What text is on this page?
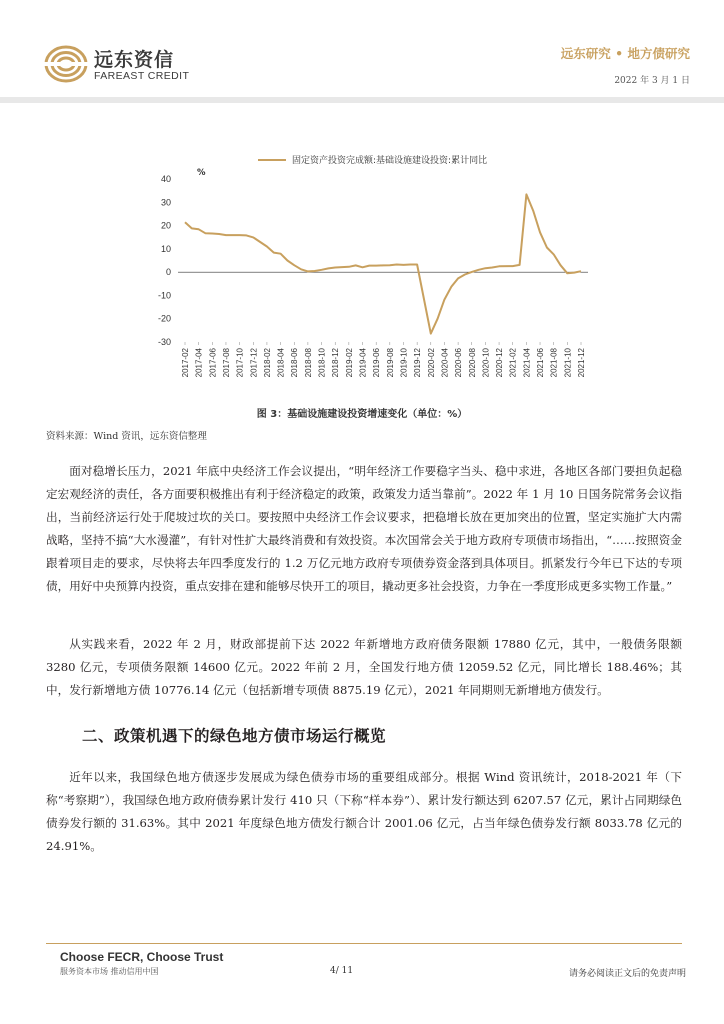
远东资信
FAREAST CREDIT
远东研究 • 地方债研究
2022 年 3 月 1 日
固定资产投资完成额:基础设施建设投资:累计同比
%
40
30
20
10
0
-10
-20
-30
2017-02 2017-04 2017-06 2017-08 2017-10 2017-12 2018-02 2018-04 2018-06 2018-08 2018-10 2018-12 2019-02 2019-04 2019-06 2019-08 2019-10 2019-12 2020-02 2020-04 2020-06 2020-08 2020-10 2020-12 2021-02 2021-04 2021-06 2021-08 2021-10 2021-12
图 3：基础设施建设投资增速变化（单位：%）
资料来源：Wind 资讯，远东资信整理

面对稳增长压力，2021 年底中央经济工作会议提出，“明年经济工作要稳字当头、稳中求进，各地区各部门要担负起稳定宏观经济的责任，各方面要积极推出有利于经济稳定的政策，政策发力适当靠前”。2022 年 1 月 10 日国务院常务会议指出，当前经济运行处于爬坡过坎的关口。要按照中央经济工作会议要求，把稳增长放在更加突出的位置，坚定实施扩大内需战略，坚持不搞“大水漫灌”，有针对性扩大最终消费和有效投资。本次国常会关于地方政府专项债市场指出，“……按照资金跟着项目走的要求，尽快将去年四季度发行的 1.2 万亿元地方政府专项债券资金落到具体项目。抓紧发行今年已下达的专项债，用好中央预算内投资，重点安排在建和能够尽快开工的项目，撬动更多社会投资，力争在一季度形成更多实物工作量。”

从实践来看，2022 年 2 月，财政部提前下达 2022 年新增地方政府债务限额 17880 亿元，其中，一般债务限额 3280 亿元，专项债务限额 14600 亿元。2022 年前 2 月，全国发行地方债 12059.52 亿元，同比增长 188.46%；其中，发行新增地方债 10776.14 亿元（包括新增专项债 8875.19 亿元），2021 年同期则无新增地方债发行。

二、政策机遇下的绿色地方债市场运行概览

近年以来，我国绿色地方债逐步发展成为绿色债券市场的重要组成部分。根据 Wind 资讯统计，2018-2021 年（下称“考察期”），我国绿色地方政府债券累计发行 410 只（下称“样本券”）、累计发行额达到 6207.57 亿元，累计占同期绿色债券发行额的 31.63%。其中 2021 年度绿色地方债发行额合计 2001.06 亿元，占当年绿色债券发行额 8033.78 亿元的 24.91%。

Choose FECR, Choose Trust
服务资本市场 推动信用中国	4/ 11	请务必阅读正文后的免责声明
